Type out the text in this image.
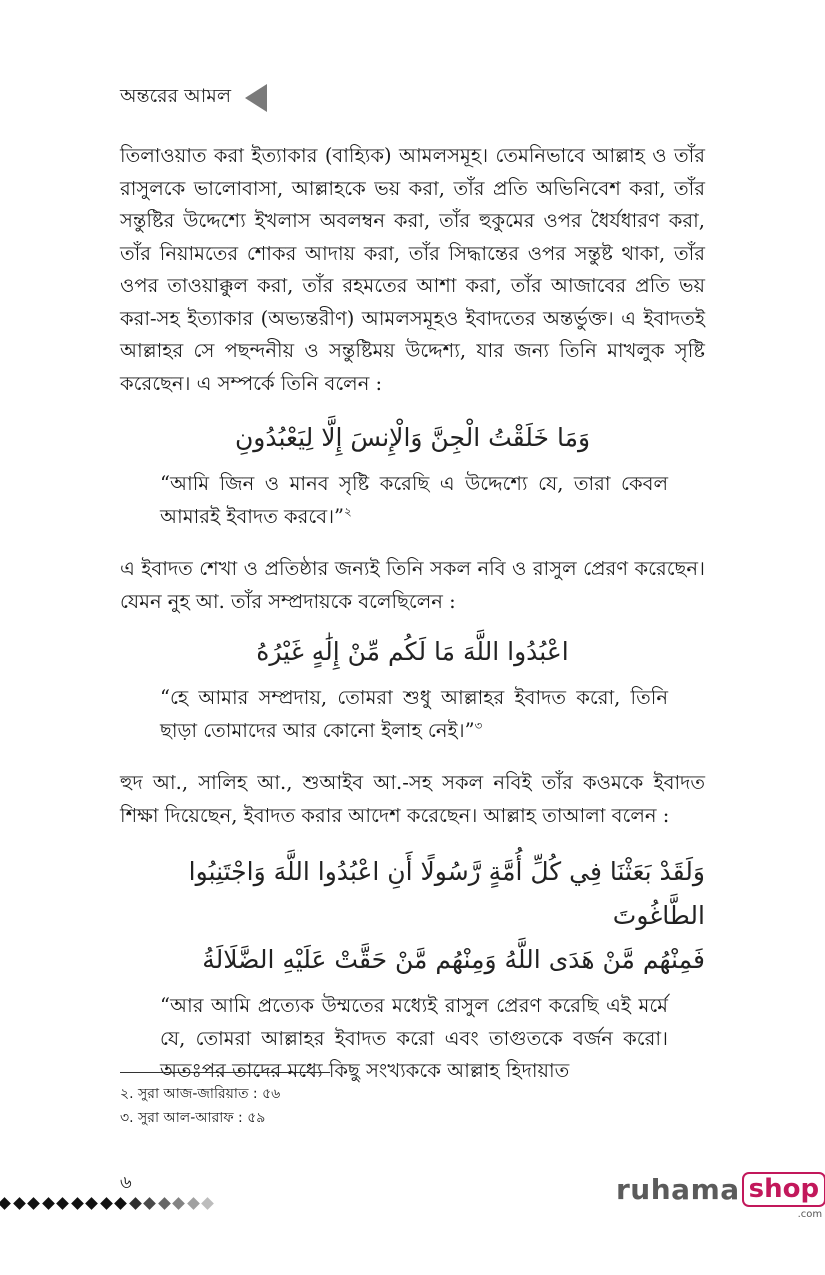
অন্তরের আমল

তিলাওয়াত করা ইত্যাকার (বাহ্যিক) আমলসমূহ। তেমনিভাবে আল্লাহ ও তাঁর রাসুলকে ভালোবাসা, আল্লাহকে ভয় করা, তাঁর প্রতি অভিনিবেশ করা, তাঁর সন্তুষ্টির উদ্দেশ্যে ইখলাস অবলম্বন করা, তাঁর হুকুমের ওপর ধৈর্যধারণ করা, তাঁর নিয়ামতের শোকর আদায় করা, তাঁর সিদ্ধান্তের ওপর সন্তুষ্ট থাকা, তাঁর ওপর তাওয়াক্কুল করা, তাঁর রহমতের আশা করা, তাঁর আজাবের প্রতি ভয় করা-সহ ইত্যাকার (অভ্যন্তরীণ) আমলসমূহও ইবাদতের অন্তর্ভুক্ত। এ ইবাদতই আল্লাহর সে পছন্দনীয় ও সন্তুষ্টিময় উদ্দেশ্য, যার জন্য তিনি মাখলুক সৃষ্টি করেছেন। এ সম্পর্কে তিনি বলেন :

وَمَا خَلَقْتُ الْجِنَّ وَالْإِنسَ إِلَّا لِيَعْبُدُونِ

“আমি জিন ও মানব সৃষ্টি করেছি এ উদ্দেশ্যে যে, তারা কেবল আমারই ইবাদত করবে।”$^২$

এ ইবাদত শেখা ও প্রতিষ্ঠার জন্যই তিনি সকল নবি ও রাসুল প্রেরণ করেছেন। যেমন নুহ আ. তাঁর সম্প্রদায়কে বলেছিলেন :

اعْبُدُوا اللَّهَ مَا لَكُم مِّنْ إِلَٰهٍ غَيْرُهُ

“হে আমার সম্প্রদায়, তোমরা শুধু আল্লাহর ইবাদত করো, তিনি ছাড়া তোমাদের আর কোনো ইলাহ নেই।”$^৩$

হুদ আ., সালিহ আ., শুআইব আ.-সহ সকল নবিই তাঁর কওমকে ইবাদত শিক্ষা দিয়েছেন, ইবাদত করার আদেশ করেছেন। আল্লাহ তাআলা বলেন :

وَلَقَدْ بَعَثْنَا فِي كُلِّ أُمَّةٍ رَّسُولًا أَنِ اعْبُدُوا اللَّهَ وَاجْتَنِبُوا الطَّاغُوتَ
فَمِنْهُم مَّنْ هَدَى اللَّهُ وَمِنْهُم مَّنْ حَقَّتْ عَلَيْهِ الضَّلَالَةُ

“আর আমি প্রত্যেক উম্মতের মধ্যেই রাসুল প্রেরণ করেছি এই মর্মে যে, তোমরা আল্লাহর ইবাদত করো এবং তাগুতকে বর্জন করো। অতঃপর তাদের মধ্যে কিছু সংখ্যককে আল্লাহ হিদায়াত

২. সুরা আজ-জারিয়াত : ৫৬
৩. সুরা আল-আরাফ : ৫৯
৬	ruhama shop
.com
